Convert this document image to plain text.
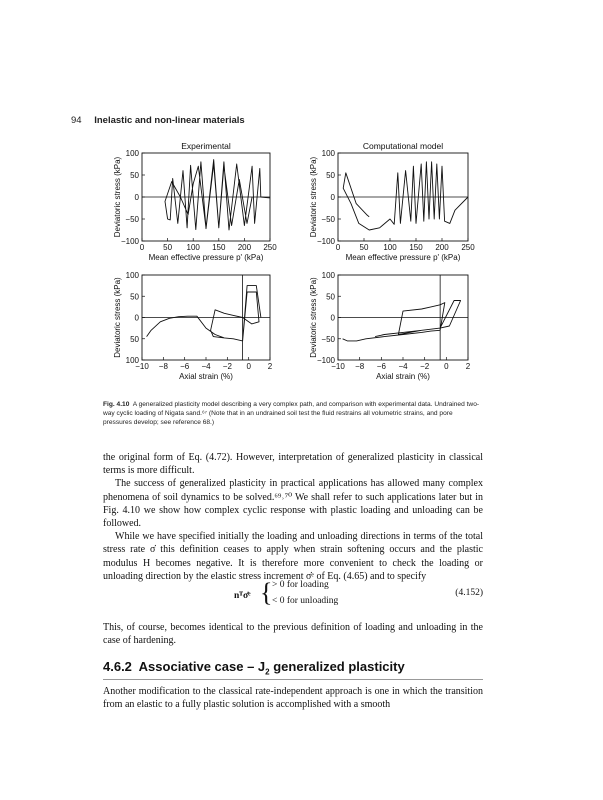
94 Inelastic and non-linear materials
100
50
0
−50
−100
0 50 100 150 200 250
Experimental
Mean effective pressure p' (kPa)
Deviatoric stress (kPa)
100
50
0
−50
−100
0 50 100 150 200 250
Computational model
Mean effective pressure p' (kPa)
Deviatoric stress (kPa)
100
50
0
50
100
−10 −8 −6 −4 −2 0 2
Axial strain (%)
Deviatoric stress (kPa)
100
50
0
−50
−100
−10 −8 −6 −4 −2 0 2
Axial strain (%)
Deviatoric stress (kPa)
Fig. 4.10 A generalized plasticity model describing a very complex path, and comparison with experimental data. Undrained two-way cyclic loading of Nigata sand.⁶⁷ (Note that in an undrained soil test the fluid restrains all volumetric strains, and pore pressures develop; see reference 68.)

the original form of Eq. (4.72). However, interpretation of generalized plasticity in classical terms is more difficult.

The success of generalized plasticity in practical applications has allowed many complex phenomena of soil dynamics to be solved.⁶⁹˒⁷⁰ We shall refer to such applications later but in Fig. 4.10 we show how complex cyclic response with plastic loading and unloading can be followed.

While we have specified initially the loading and unloading directions in terms of the total stress rate σ̇ this definition ceases to apply when strain softening occurs and the plastic modulus H becomes negative. It is therefore more convenient to check the loading or unloading direction by the elastic stress increment σ̇ᵉ of Eq. (4.65) and to specify

nᵀσ̇ᵉ { > 0 for loading
< 0 for unloading
(4.152)

This, of course, becomes identical to the previous definition of loading and unloading in the case of hardening.

4.6.2 Associative case – $J_2$ generalized plasticity

Another modification to the classical rate-independent approach is one in which the transition from an elastic to a fully plastic solution is accomplished with a smooth
